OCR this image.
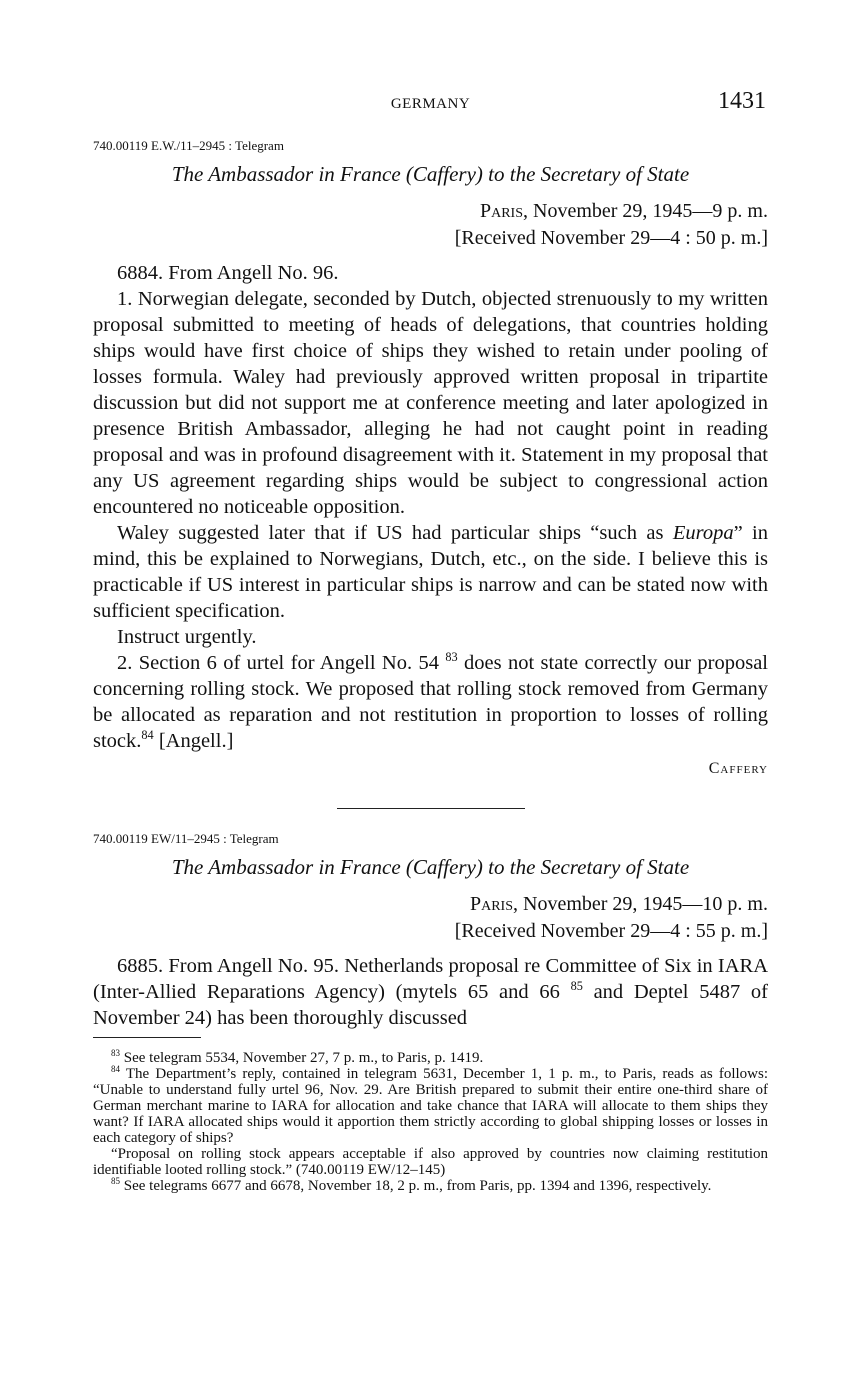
GERMANY	1431
740.00119 E.W./11–2945 : Telegram
The Ambassador in France (Caffery) to the Secretary of State
Paris, November 29, 1945—9 p. m.
[Received November 29—4 : 50 p. m.]

6884. From Angell No. 96.

1. Norwegian delegate, seconded by Dutch, objected strenuously to my written proposal submitted to meeting of heads of delegations, that countries holding ships would have first choice of ships they wished to retain under pooling of losses formula. Waley had previously approved written proposal in tripartite discussion but did not support me at conference meeting and later apologized in presence British Ambassador, alleging he had not caught point in reading proposal and was in profound disagreement with it. Statement in my proposal that any US agreement regarding ships would be subject to congressional action encountered no noticeable opposition.

Waley suggested later that if US had particular ships “such as Europa” in mind, this be explained to Norwegians, Dutch, etc., on the side. I believe this is practicable if US interest in particular ships is narrow and can be stated now with sufficient specification.

Instruct urgently.

2. Section 6 of urtel for Angell No. 54 $^{83}$ does not state correctly our proposal concerning rolling stock. We proposed that rolling stock removed from Germany be allocated as reparation and not restitution in proportion to losses of rolling stock.$^{84}$ [Angell.]

Caffery
740.00119 EW/11–2945 : Telegram
The Ambassador in France (Caffery) to the Secretary of State
Paris, November 29, 1945—10 p. m.
[Received November 29—4 : 55 p. m.]

6885. From Angell No. 95. Netherlands proposal re Committee of Six in IARA (Inter-Allied Reparations Agency) (mytels 65 and 66 $^{85}$ and Deptel 5487 of November 24) has been thoroughly discussed

$^{83}$ See telegram 5534, November 27, 7 p. m., to Paris, p. 1419.

$^{84}$ The Department’s reply, contained in telegram 5631, December 1, 1 p. m., to Paris, reads as follows: “Unable to understand fully urtel 96, Nov. 29. Are British prepared to submit their entire one-third share of German merchant marine to IARA for allocation and take chance that IARA will allocate to them ships they want? If IARA allocated ships would it apportion them strictly according to global shipping losses or losses in each category of ships?

“Proposal on rolling stock appears acceptable if also approved by countries now claiming restitution identifiable looted rolling stock.” (740.00119 EW/12–145)

$^{85}$ See telegrams 6677 and 6678, November 18, 2 p. m., from Paris, pp. 1394 and 1396, respectively.
